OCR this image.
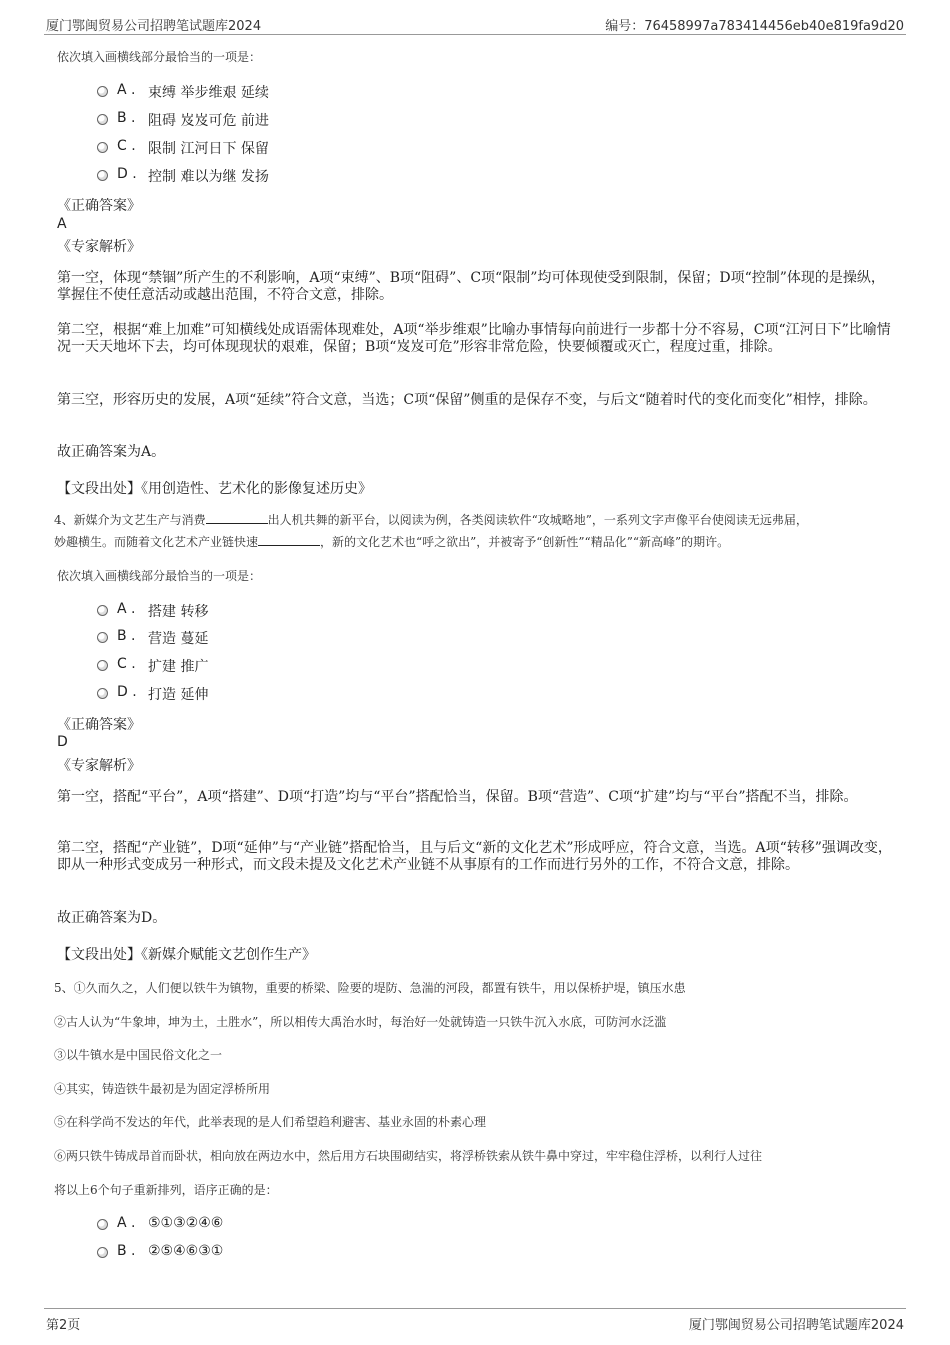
厦门鄂闽贸易公司招聘笔试题库2024	编号：76458997a783414456eb40e819fa9d20
依次填入画横线部分最恰当的一项是：
A . 束缚 举步维艰 延续
B . 阻碍 岌岌可危 前进
C . 限制 江河日下 保留
D . 控制 难以为继 发扬
《正确答案》
A
《专家解析》
第一空，体现“禁锢”所产生的不利影响，A项“束缚”、B项“阻碍”、C项“限制”均可体现使受到限制，保留；D项“控制”体现的是操纵，掌握住不使任意活动或越出范围，不符合文意，排除。
第二空，根据“难上加难”可知横线处成语需体现难处，A项“举步维艰”比喻办事情每向前进行一步都十分不容易，C项“江河日下”比喻情况一天天地坏下去，均可体现现状的艰难，保留；B项“岌岌可危”形容非常危险，快要倾覆或灭亡，程度过重，排除。
第三空，形容历史的发展，A项“延续”符合文意，当选；C项“保留”侧重的是保存不变，与后文“随着时代的变化而变化”相悖，排除。
故正确答案为A。
【文段出处】《用创造性、艺术化的影像复述历史》
4、新媒介为文艺生产与消费	出人机共舞的新平台，以阅读为例，各类阅读软件“攻城略地”，一系列文字声像平台使阅读无远弗届，
妙趣横生。而随着文化艺术产业链快速	，新的文化艺术也“呼之欲出”，并被寄予“创新性”“精品化”“新高峰”的期许。
依次填入画横线部分最恰当的一项是：
A . 搭建 转移
B . 营造 蔓延
C . 扩建 推广
D . 打造 延伸
《正确答案》
D
《专家解析》
第一空，搭配“平台”，A项“搭建”、D项“打造”均与“平台”搭配恰当，保留。B项“营造”、C项“扩建”均与“平台”搭配不当，排除。
第二空，搭配“产业链”，D项“延伸”与“产业链”搭配恰当，且与后文“新的文化艺术”形成呼应，符合文意，当选。A项“转移”强调改变，即从一种形式变成另一种形式，而文段未提及文化艺术产业链不从事原有的工作而进行另外的工作，不符合文意，排除。
故正确答案为D。
【文段出处】《新媒介赋能文艺创作生产》
5、①久而久之，人们便以铁牛为镇物，重要的桥梁、险要的堤防、急湍的河段，都置有铁牛，用以保桥护堤，镇压水患
②古人认为“牛象坤，坤为土，土胜水”，所以相传大禹治水时，每治好一处就铸造一只铁牛沉入水底，可防河水泛滥
③以牛镇水是中国民俗文化之一
④其实，铸造铁牛最初是为固定浮桥所用
⑤在科学尚不发达的年代，此举表现的是人们希望趋利避害、基业永固的朴素心理
⑥两只铁牛铸成昂首而卧状，相向放在两边水中，然后用方石块围砌结实，将浮桥铁索从铁牛鼻中穿过，牢牢稳住浮桥，以利行人过往
将以上6个句子重新排列，语序正确的是：
A . ⑤①③②④⑥
B . ②⑤④⑥③①
第2页	厦门鄂闽贸易公司招聘笔试题库2024
